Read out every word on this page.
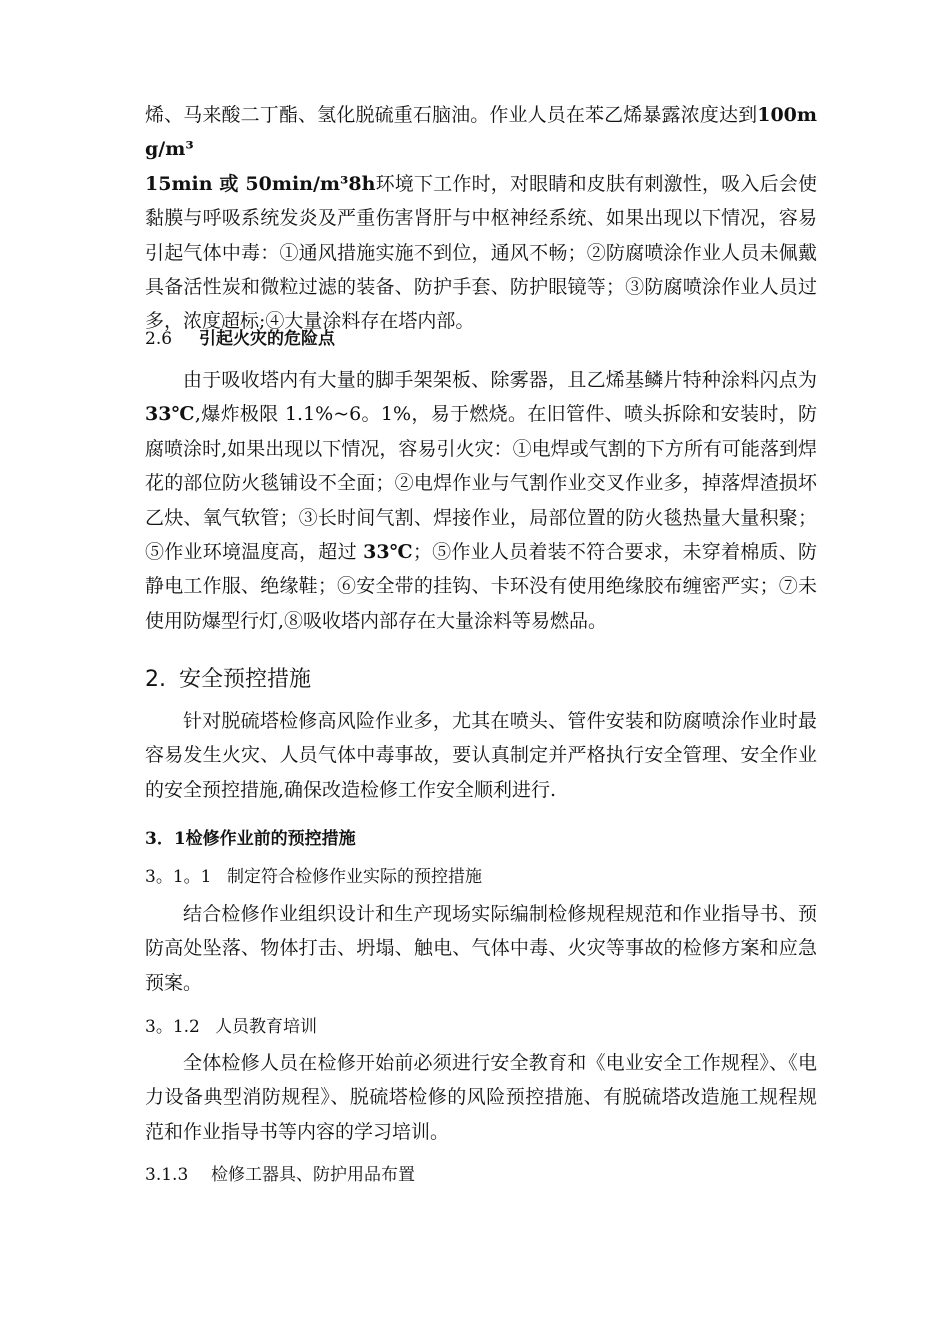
烯、马来酸二丁酯、氢化脱硫重石脑油。作业人员在苯乙烯暴露浓度达到100mg/m³
15min 或 50min/m³8h环境下工作时，对眼睛和皮肤有刺激性，吸入后会使黏膜与呼吸系统发炎及严重伤害肾肝与中枢神经系统、如果出现以下情况，容易引起气体中毒：①通风措施实施不到位，通风不畅；②防腐喷涂作业人员未佩戴具备活性炭和微粒过滤的装备、防护手套、防护眼镜等；③防腐喷涂作业人员过多，浓度超标;④大量涂料存在塔内部。

2.6 引起火灾的危险点

由于吸收塔内有大量的脚手架架板、除雾器，且乙烯基鳞片特种涂料闪点为33℃,爆炸极限 1.1%~6。1%，易于燃烧。在旧管件、喷头拆除和安装时，防腐喷涂时,如果出现以下情况，容易引火灾：①电焊或气割的下方所有可能落到焊花的部位防火毯铺设不全面；②电焊作业与气割作业交叉作业多，掉落焊渣损坏乙炔、氧气软管；③长时间气割、焊接作业，局部位置的防火毯热量大量积聚；⑤作业环境温度高，超过 33℃；⑤作业人员着装不符合要求，未穿着棉质、防静电工作服、绝缘鞋；⑥安全带的挂钩、卡环没有使用绝缘胶布缠密严实；⑦未使用防爆型行灯,⑧吸收塔内部存在大量涂料等易燃品。

2. 安全预控措施

针对脱硫塔检修高风险作业多，尤其在喷头、管件安装和防腐喷涂作业时最容易发生火灾、人员气体中毒事故，要认真制定并严格执行安全管理、安全作业的安全预控措施,确保改造检修工作安全顺利进行.

3．1检修作业前的预控措施
3。1。1 制定符合检修作业实际的预控措施

结合检修作业组织设计和生产现场实际编制检修规程规范和作业指导书、预防高处坠落、物体打击、坍塌、触电、气体中毒、火灾等事故的检修方案和应急预案。

3。1.2 人员教育培训

全体检修人员在检修开始前必须进行安全教育和《电业安全工作规程》、《电力设备典型消防规程》、脱硫塔检修的风险预控措施、有脱硫塔改造施工规程规范和作业指导书等内容的学习培训。

3.1.3 检修工器具、防护用品布置
